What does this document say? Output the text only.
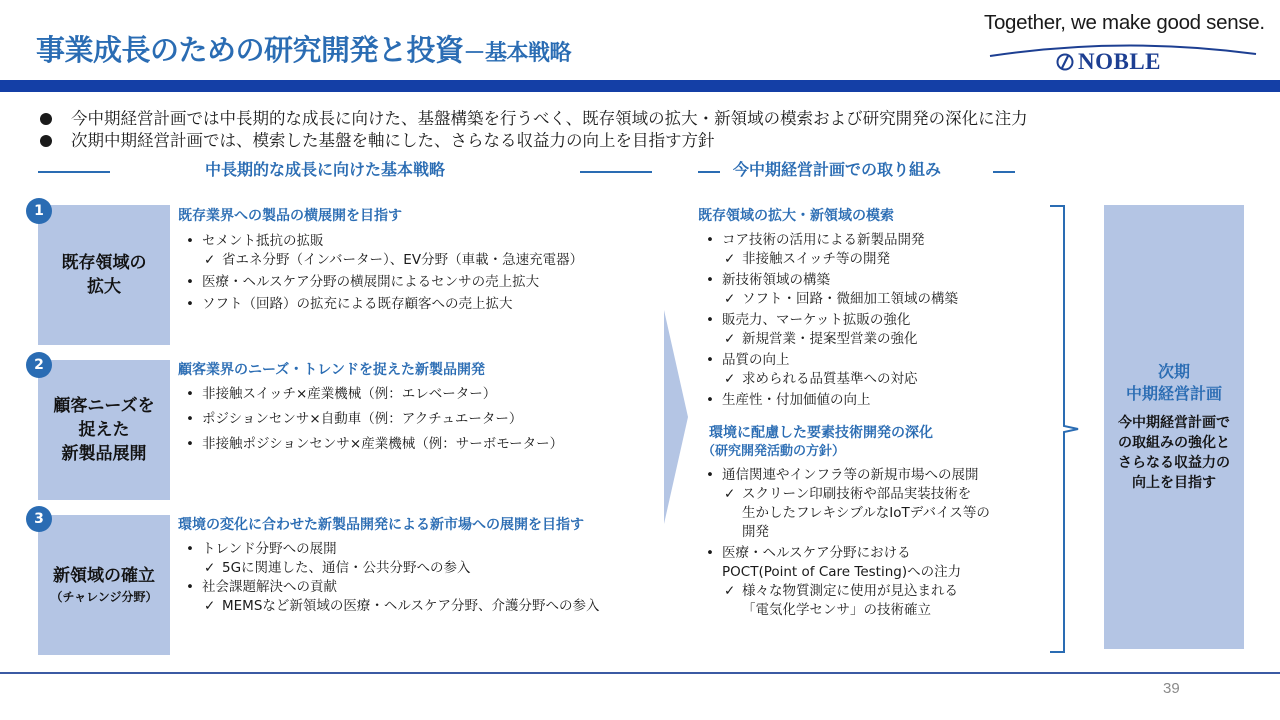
事業成長のための研究開発と投資－基本戦略
Together, we make good sense.
NOBLE
今中期経営計画では中長期的な成長に向けた、基盤構築を行うべく、既存領域の拡大・新領域の模索および研究開発の深化に注力
次期中期経営計画では、模索した基盤を軸にした、さらなる収益力の向上を目指す方針
中長期的な成長に向けた基本戦略	今中期経営計画での取り組み
既存領域の
拡大
1	既存業界への製品の横展開を目指す
• セメント抵抗の拡販
✓ 省エネ分野（インバーター）、EV分野（車載・急速充電器）
• 医療・ヘルスケア分野の横展開によるセンサの売上拡大
• ソフト（回路）の拡充による既存顧客への売上拡大
顧客ニーズを
捉えた
新製品展開
2	顧客業界のニーズ・トレンドを捉えた新製品開発
• 非接触スイッチ×産業機械（例：エレベーター）
• ポジションセンサ×自動車（例：アクチュエーター）
• 非接触ポジションセンサ×産業機械（例：サーボモーター）
新領域の確立
（チャレンジ分野）
3	環境の変化に合わせた新製品開発による新市場への展開を目指す
• トレンド分野への展開
✓ 5Gに関連した、通信・公共分野への参入
• 社会課題解決への貢献
✓ MEMSなど新領域の医療・ヘルスケア分野、介護分野への参入
既存領域の拡大・新領域の模索
• コア技術の活用による新製品開発
✓ 非接触スイッチ等の開発
• 新技術領域の構築
✓ ソフト・回路・微細加工領域の構築
• 販売力、マーケット拡販の強化
✓ 新規営業・提案型営業の強化
• 品質の向上
✓ 求められる品質基準への対応
• 生産性・付加価値の向上
環境に配慮した要素技術開発の深化
（研究開発活動の方針）
• 通信関連やインフラ等の新規市場への展開
✓ スクリーン印刷技術や部品実装技術を
生かしたフレキシブルなIoTデバイス等の
開発
• 医療・ヘルスケア分野における
POCT(Point of Care Testing)への注力
✓ 様々な物質測定に使用が見込まれる
「電気化学センサ」の技術確立
次期
中期経営計画
今中期経営計画で
の取組みの強化と
さらなる収益力の
向上を目指す
39
